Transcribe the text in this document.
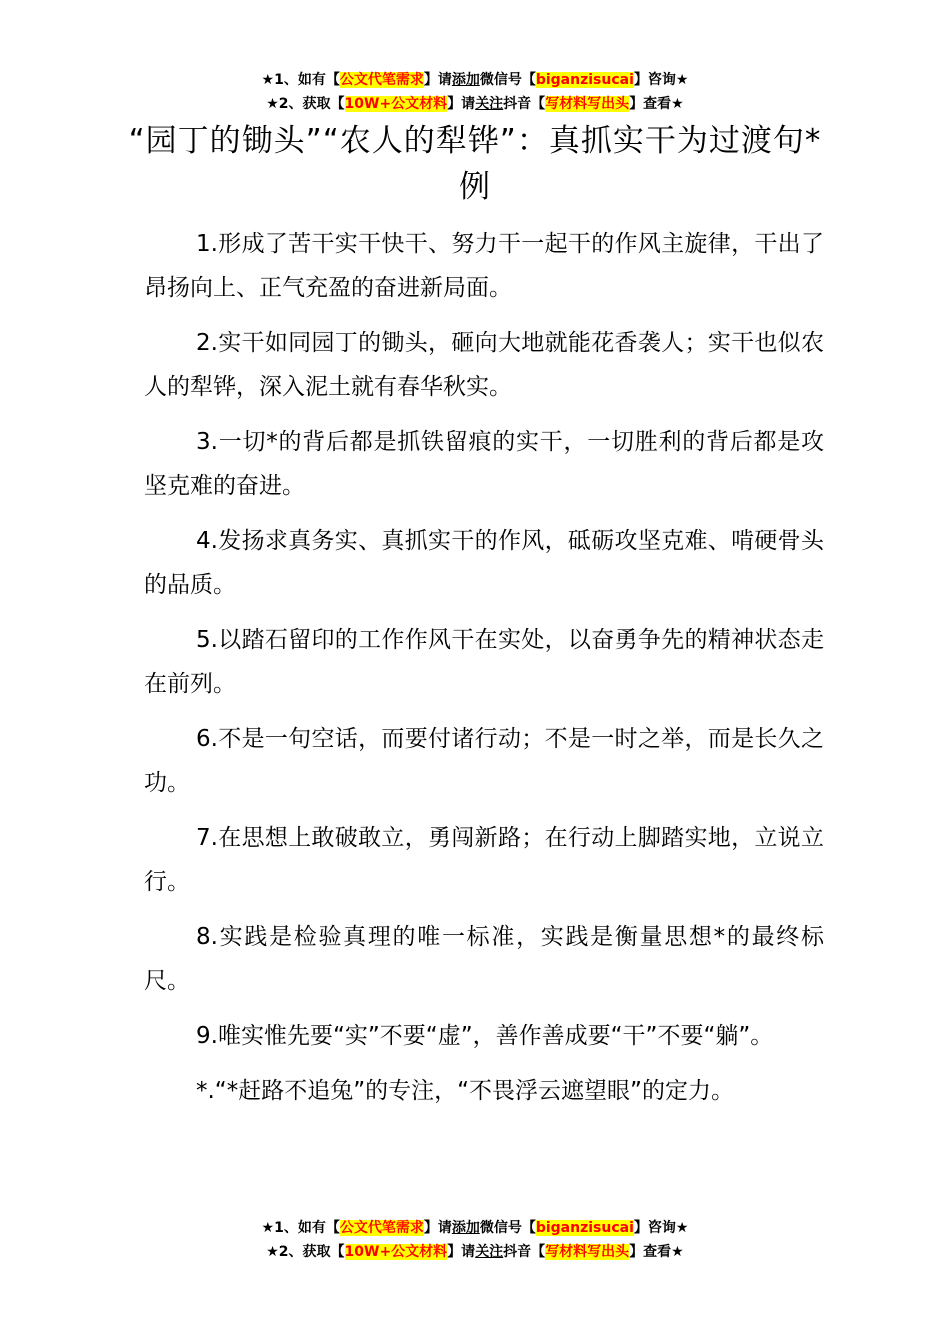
★1、如有【公文代笔需求】请添加微信号【biganzisucai】咨询★
★2、获取【10W+公文材料】请关注抖音【写材料写出头】查看★
“园丁的锄头”“农人的犁铧”：真抓实干为过渡句*例

1.形成了苦干实干快干、努力干一起干的作风主旋律，干出了昂扬向上、正气充盈的奋进新局面。

2.实干如同园丁的锄头，砸向大地就能花香袭人；实干也似农人的犁铧，深入泥土就有春华秋实。

3.一切*的背后都是抓铁留痕的实干，一切胜利的背后都是攻坚克难的奋进。

4.发扬求真务实、真抓实干的作风，砥砺攻坚克难、啃硬骨头的品质。

5.以踏石留印的工作作风干在实处，以奋勇争先的精神状态走在前列。

6.不是一句空话，而要付诸行动；不是一时之举，而是长久之功。

7.在思想上敢破敢立，勇闯新路；在行动上脚踏实地，立说立行。

8.实践是检验真理的唯一标准，实践是衡量思想*的最终标尺。

9.唯实惟先要“实”不要“虚”，善作善成要“干”不要“躺”。

*.“*赶路不追兔”的专注，“不畏浮云遮望眼”的定力。

★1、如有【公文代笔需求】请添加微信号【biganzisucai】咨询★
★2、获取【10W+公文材料】请关注抖音【写材料写出头】查看★
